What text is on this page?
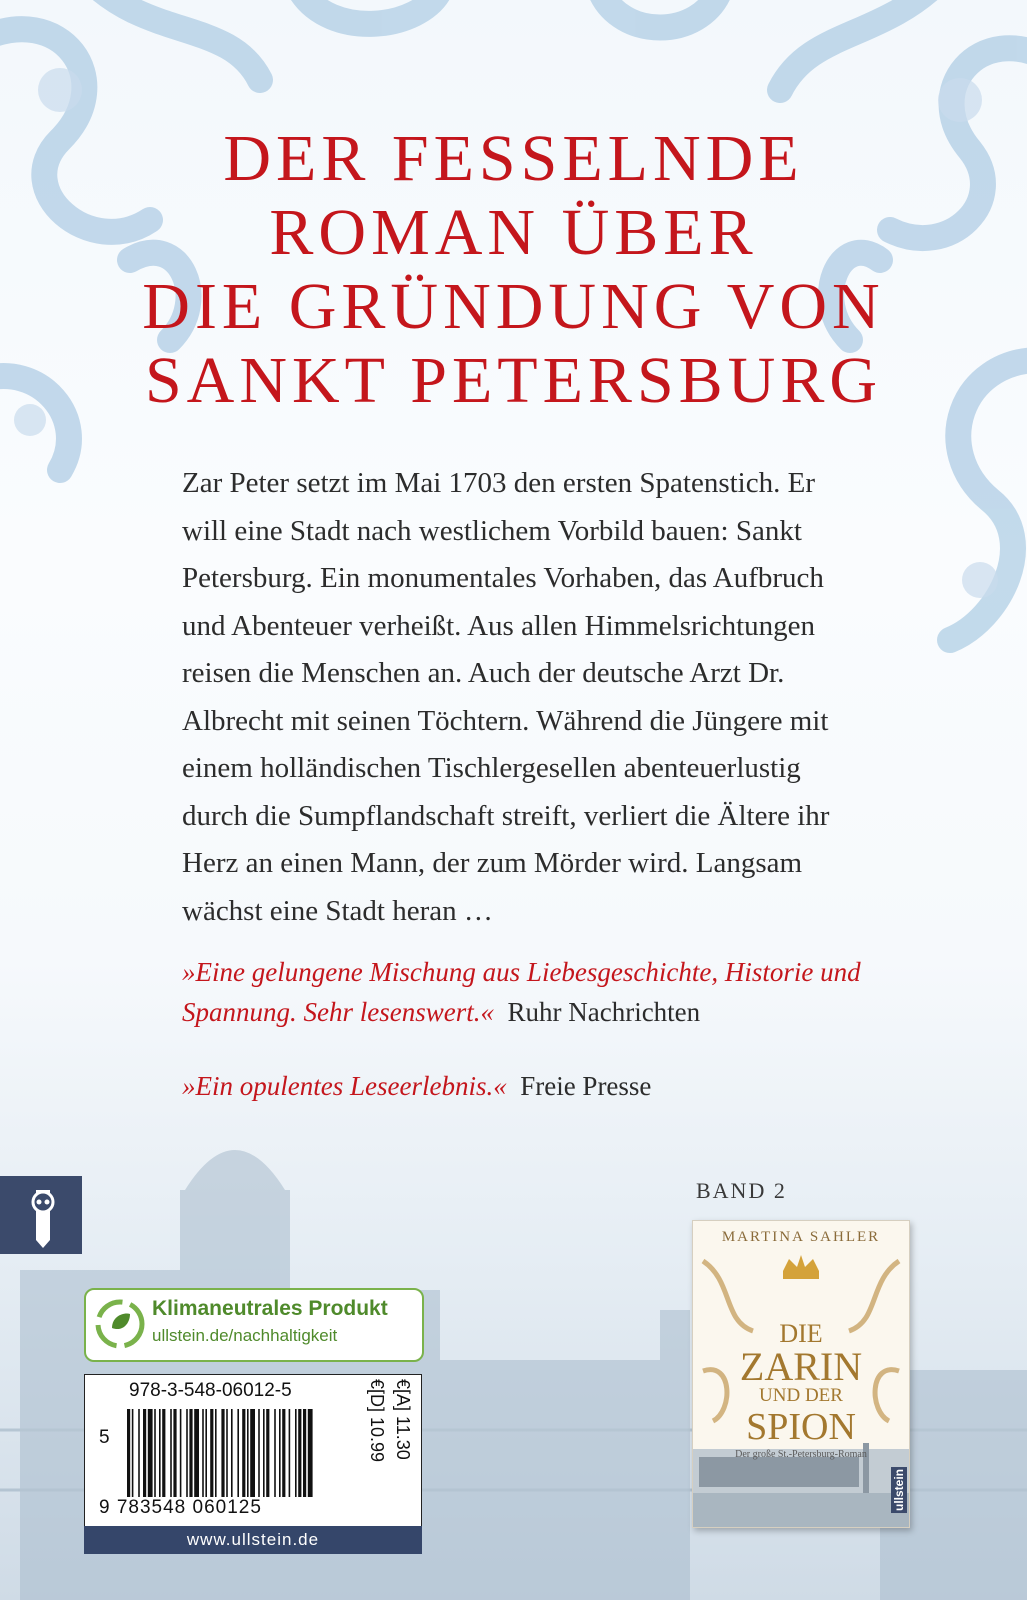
DER FESSELNDE
ROMAN ÜBER
DIE GRÜNDUNG VON
SANKT PETERSBURG

Zar Peter setzt im Mai 1703 den ersten Spatenstich. Er will eine Stadt nach westlichem Vorbild bauen: Sankt Petersburg. Ein monumentales Vorhaben, das Aufbruch und Abenteuer verheißt. Aus allen Himmelsrichtungen reisen die Menschen an. Auch der deutsche Arzt Dr. Albrecht mit seinen Töchtern. Während die Jüngere mit einem holländischen Tischlergesellen abenteuerlustig durch die Sumpflandschaft streift, verliert die Ältere ihr Herz an einen Mann, der zum Mörder wird. Langsam wächst eine Stadt heran …

»Eine gelungene Mischung aus Liebesgeschichte, Historie und Spannung. Sehr lesenswert.« Ruhr Nachrichten
»Ein opulentes Leseerlebnis.« Freie Presse
BAND 2
MARTINA SAHLER
DIE
ZARIN
UND DER
SPION
Der große St.-Petersburg-Roman
ullstein
Klimaneutrales Produkt
ullstein.de/nachhaltigkeit
978-3-548-06012-5
5
9 783548 060125
€[D] 10.99 €[A] 11.30
www.ullstein.de
